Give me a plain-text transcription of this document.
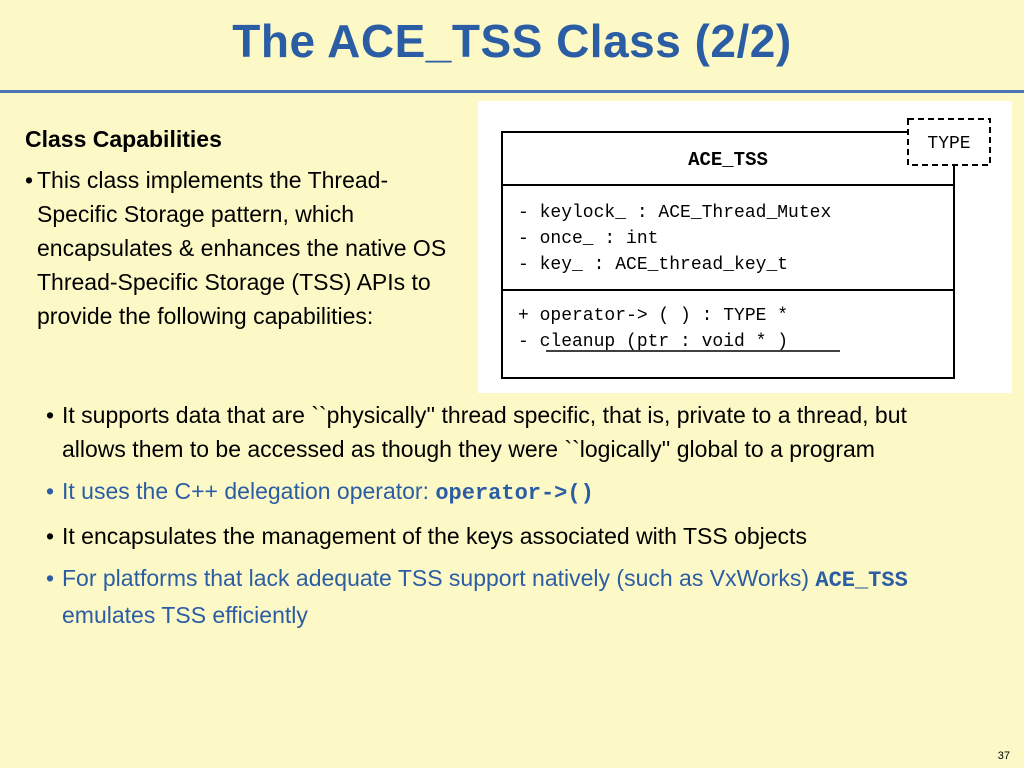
The ACE_TSS Class (2/2)
Class Capabilities
• This class implements the Thread-Specific Storage pattern, which encapsulates & enhances the native OS Thread-Specific Storage (TSS) APIs to provide the following capabilities:
TYPE
ACE_TSS
- keylock_ : ACE_Thread_Mutex
- once_ : int
- key_ : ACE_thread_key_t
+ operator-> ( ) : TYPE *
- cleanup (ptr : void * )
• It supports data that are ``physically'' thread specific, that is, private to a thread, but allows them to be accessed as though they were ``logically'' global to a program
• It uses the C++ delegation operator: operator->()
• It encapsulates the management of the keys associated with TSS objects
• For platforms that lack adequate TSS support natively (such as VxWorks) ACE_TSS emulates TSS efficiently
37
